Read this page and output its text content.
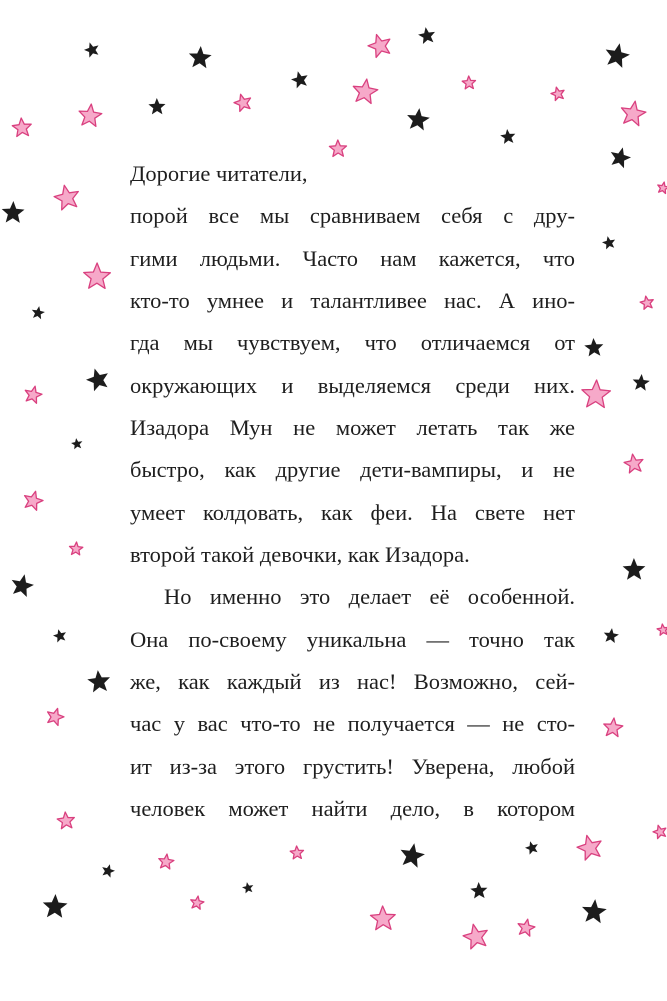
Дорогие читатели,
порой все мы сравниваем себя с дру-
гими людьми. Часто нам кажется, что
кто-то умнее и талантливее нас. А ино-
гда мы чувствуем, что отличаемся от
окружающих и выделяемся среди них.
Изадора Мун не может летать так же
быстро, как другие дети-вампиры, и не
умеет колдовать, как феи. На свете нет
второй такой девочки, как Изадора.
Но именно это делает её особенной.
Она по-своему уникальна — точно так
же, как каждый из нас! Возможно, сей-
час у вас что-то не получается — не сто-
ит из-за этого грустить! Уверена, любой
человек может найти дело, в котором
